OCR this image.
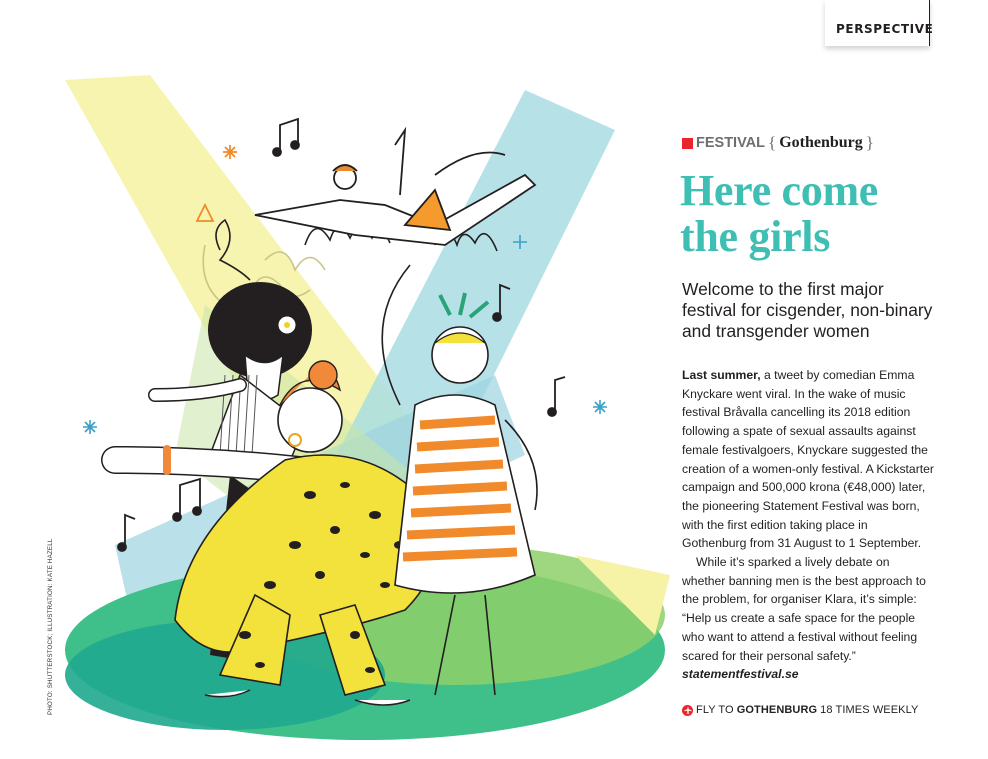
PERSPECTIVE
PHOTO: SHUTTERSTOCK; ILLUSTRATION: KATE HAZELL
FESTIVAL { Gothenburg }
Here come
the girls

Welcome to the first major festival for cisgender, non-binary and transgender women

Last summer, a tweet by comedian Emma Knyckare went viral. In the wake of music festival Bråvalla cancelling its 2018 edition following a spate of sexual assaults against female festivalgoers, Knyckare suggested the creation of a women-only festival. A Kickstarter campaign and 500,000 krona (€48,000) later, the pioneering Statement Festival was born, with the first edition taking place in Gothenburg from 31 August to 1 September.

While it’s sparked a lively debate on whether banning men is the best approach to the problem, for organiser Klara, it’s simple: “Help us create a safe space for the people who want to attend a festival without feeling scared for their personal safety.” statementfestival.se

FLY TO GOTHENBURG 18 TIMES WEEKLY
